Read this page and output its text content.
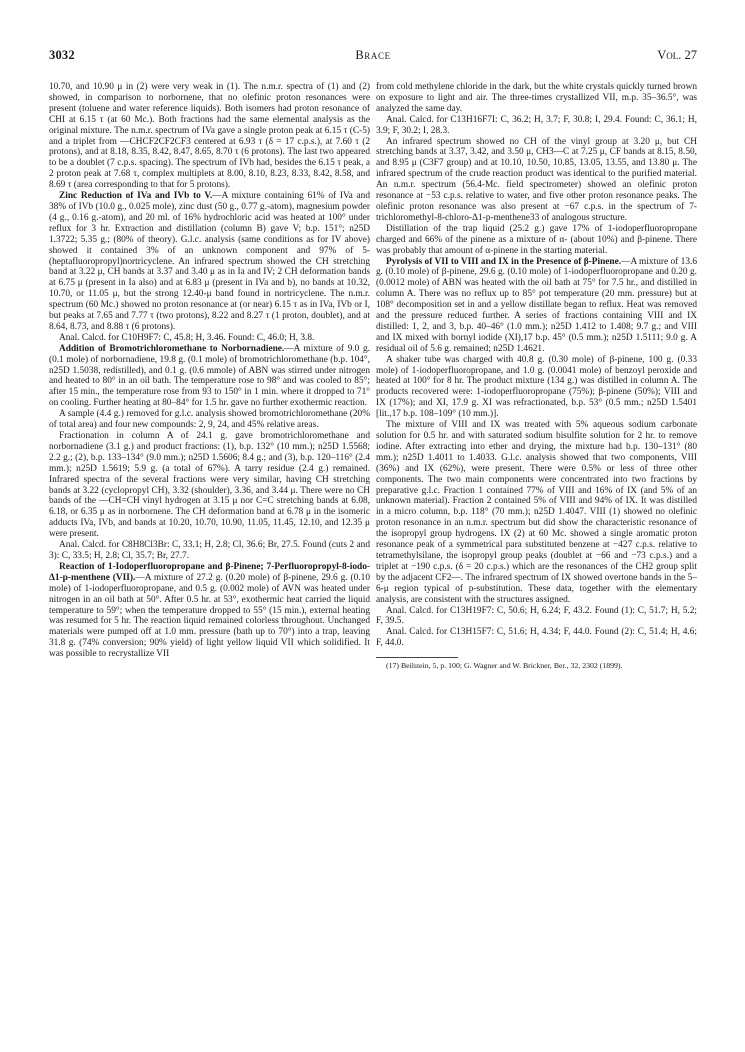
3032	Brace	Vol. 27

10.70, and 10.90 μ in (2) were very weak in (1). The n.m.r. spectra of (1) and (2) showed, in comparison to norbornene, that no olefinic proton resonances were present (toluene and water reference liquids). Both isomers had proton resonance of CHI at 6.15 τ (at 60 Mc.). Both fractions had the same elemental analysis as the original mixture. The n.m.r. spectrum of IVa gave a single proton peak at 6.15 τ (C-5) and a triplet from —CHCF2CF2CF3 centered at 6.93 τ (δ = 17 c.p.s.), at 7.60 τ (2 protons), and at 8.18, 8.35, 8.42, 8.47, 8.65, 8.70 τ (6 protons). The last two appeared to be a doublet (7 c.p.s. spacing). The spectrum of IVb had, besides the 6.15 τ peak, a 2 proton peak at 7.68 τ, complex multiplets at 8.00, 8.10, 8.23, 8.33, 8.42, 8.58, and 8.69 τ (area corresponding to that for 5 protons).

Zinc Reduction of IVa and IVb to V.—A mixture containing 61% of IVa and 38% of IVb (10.0 g., 0.025 mole), zinc dust (50 g., 0.77 g.-atom), magnesium powder (4 g., 0.16 g.-atom), and 20 ml. of 16% hydrochloric acid was heated at 100° under reflux for 3 hr. Extraction and distillation (column B) gave V; b.p. 151°; n25D 1.3722; 5.35 g.; (80% of theory). G.l.c. analysis (same conditions as for IV above) showed it contained 3% of an unknown component and 97% of 5-(heptafluoropropyl)nortricyclene. An infrared spectrum showed the CH stretching band at 3.22 μ, CH bands at 3.37 and 3.40 μ as in Ia and IV; 2 CH deformation bands at 6.75 μ (present in Ia also) and at 6.83 μ (present in IVa and b), no bands at 10.32, 10.70, or 11.05 μ, but the strong 12.40-μ band found in nortricyclene. The n.m.r. spectrum (60 Mc.) showed no proton resonance at (or near) 6.15 τ as in IVa, IVb or I, but peaks at 7.65 and 7.77 τ (two protons), 8.22 and 8.27 τ (1 proton, doublet), and at 8.64, 8.73, and 8.88 τ (6 protons).

Anal. Calcd. for C10H9F7: C, 45.8; H, 3.46. Found: C, 46.0; H, 3.8.

Addition of Bromotrichloromethane to Norbornadiene.—A mixture of 9.0 g. (0.1 mole) of norbornadiene, 19.8 g. (0.1 mole) of bromotrichloromethane (b.p. 104°, n25D 1.5038, redistilled), and 0.1 g. (0.6 mmole) of ABN was stirred under nitrogen and heated to 80° in an oil bath. The temperature rose to 98° and was cooled to 85°; after 15 min., the temperature rose from 93 to 150° in 1 min. where it dropped to 71° on cooling. Further heating at 80–84° for 1.5 hr. gave no further exothermic reaction.

A sample (4.4 g.) removed for g.l.c. analysis showed bromotrichloromethane (20% of total area) and four new compounds: 2, 9, 24, and 45% relative areas.

Fractionation in column A of 24.1 g. gave bromotrichloromethane and norbornadiene (3.1 g.) and product fractions: (1), b.p. 132° (10 mm.); n25D 1.5568; 2.2 g.; (2), b.p. 133–134° (9.0 mm.); n25D 1.5606; 8.4 g.; and (3), b.p. 120–116° (2.4 mm.); n25D 1.5619; 5.9 g. (a total of 67%). A tarry residue (2.4 g.) remained. Infrared spectra of the several fractions were very similar, having CH stretching bands at 3.22 (cyclopropyl CH), 3.32 (shoulder), 3.36, and 3.44 μ. There were no CH bands of the —CH=CH vinyl hydrogen at 3.15 μ nor C=C stretching bands at 6.08, 6.18, or 6.35 μ as in norbornene. The CH deformation band at 6.78 μ in the isomeric adducts IVa, IVb, and bands at 10.20, 10.70, 10.90, 11.05, 11.45, 12.10, and 12.35 μ were present.

Anal. Calcd. for C8H8Cl3Br: C, 33.1; H, 2.8; Cl, 36.6; Br, 27.5. Found (cuts 2 and 3): C, 33.5; H, 2.8; Cl, 35.7; Br, 27.7.

Reaction of 1-Iodoperfluoropropane and β-Pinene; 7-Perfluoropropyl-8-iodo-Δ1-p-menthene (VII).—A mixture of 27.2 g. (0.20 mole) of β-pinene, 29.6 g. (0.10 mole) of 1-iodoperfluoropropane, and 0.5 g. (0.002 mole) of AVN was heated under nitrogen in an oil bath at 50°. After 0.5 hr. at 53°, exothermic heat carried the liquid temperature to 59°; when the temperature dropped to 55° (15 min.), external heating was resumed for 5 hr. The reaction liquid remained colorless throughout. Unchanged materials were pumped off at 1.0 mm. pressure (bath up to 70°) into a trap, leaving 31.8 g. (74% conversion; 90% yield) of light yellow liquid VII which solidified. It was possible to recrystallize VII

from cold methylene chloride in the dark, but the white crystals quickly turned brown on exposure to light and air. The three-times crystallized VII, m.p. 35–36.5°, was analyzed the same day.

Anal. Calcd. for C13H16F7I: C, 36.2; H, 3.7; F, 30.8; I, 29.4. Found: C, 36.1; H, 3.9; F, 30.2; I, 28.3.

An infrared spectrum showed no CH of the vinyl group at 3.20 μ, but CH stretching bands at 3.37, 3.42, and 3.50 μ, CH3—C at 7.25 μ, CF bands at 8.15, 8.50, and 8.95 μ (C3F7 group) and at 10.10, 10.50, 10.85, 13.05, 13.55, and 13.80 μ. The infrared spectrum of the crude reaction product was identical to the purified material. An n.m.r. spectrum (56.4-Mc. field spectrometer) showed an olefinic proton resonance at −53 c.p.s. relative to water, and five other proton resonance peaks. The olefinic proton resonance was also present at −67 c.p.s. in the spectrum of 7-trichloromethyl-8-chloro-Δ1-p-menthene33 of analogous structure.

Distillation of the trap liquid (25.2 g.) gave 17% of 1-iodoperfluoropropane charged and 66% of the pinene as a mixture of α- (about 10%) and β-pinene. There was probably that amount of α-pinene in the starting material.

Pyrolysis of VII to VIII and IX in the Presence of β-Pinene.—A mixture of 13.6 g. (0.10 mole) of β-pinene, 29.6 g. (0.10 mole) of 1-iodoperfluoropropane and 0.20 g. (0.0012 mole) of ABN was heated with the oil bath at 75° for 7.5 hr., and distilled in column A. There was no reflux up to 85° pot temperature (20 mm. pressure) but at 108° decomposition set in and a yellow distillate began to reflux. Heat was removed and the pressure reduced further. A series of fractions containing VIII and IX distilled: 1, 2, and 3, b.p. 40–46° (1.0 mm.); n25D 1.412 to 1.408; 9.7 g.; and VIII and IX mixed with bornyl iodide (XI),17 b.p. 45° (0.5 mm.); n25D 1.5111; 9.0 g. A residual oil of 5.6 g. remained; n25D 1.4621.

A shaker tube was charged with 40.8 g. (0.30 mole) of β-pinene, 100 g. (0.33 mole) of 1-iodoperfluoropropane, and 1.0 g. (0.0041 mole) of benzoyl peroxide and heated at 100° for 8 hr. The product mixture (134 g.) was distilled in column A. The products recovered were: 1-iodoperfluoropropane (75%); β-pinene (50%); VIII and IX (17%); and XI, 17.9 g. XI was refractionated, b.p. 53° (0.5 mm.; n25D 1.5401 [lit.,17 b.p. 108–109° (10 mm.)].

The mixture of VIII and IX was treated with 5% aqueous sodium carbonate solution for 0.5 hr. and with saturated sodium bisulfite solution for 2 hr. to remove iodine. After extracting into ether and drying, the mixture had b.p. 130–131° (80 mm.); n25D 1.4011 to 1.4033. G.l.c. analysis showed that two components, VIII (36%) and IX (62%), were present. There were 0.5% or less of three other components. The two main components were concentrated into two fractions by preparative g.l.c. Fraction 1 contained 77% of VIII and 16% of IX (and 5% of an unknown material). Fraction 2 contained 5% of VIII and 94% of IX. It was distilled in a micro column, b.p. 118° (70 mm.); n25D 1.4047. VIII (1) showed no olefinic proton resonance in an n.m.r. spectrum but did show the characteristic resonance of the isopropyl group hydrogens. IX (2) at 60 Mc. showed a single aromatic proton resonance peak of a symmetrical para substituted benzene at −427 c.p.s. relative to tetramethylsilane, the isopropyl group peaks (doublet at −66 and −73 c.p.s.) and a triplet at −190 c.p.s. (δ = 20 c.p.s.) which are the resonances of the CH2 group split by the adjacent CF2—. The infrared spectrum of IX showed overtone bands in the 5–6-μ region typical of p-substitution. These data, together with the elementary analysis, are consistent with the structures assigned.

Anal. Calcd. for C13H19F7: C, 50.6; H, 6.24; F, 43.2. Found (1): C, 51.7; H, 5.2; F, 39.5.

Anal. Calcd. for C13H15F7: C, 51.6; H, 4.34; F, 44.0. Found (2): C, 51.4; H, 4.6; F, 44.0.

(17) Beilstein, 5, p. 100; G. Wagner and W. Brickner, Ber., 32, 2302 (1899).
